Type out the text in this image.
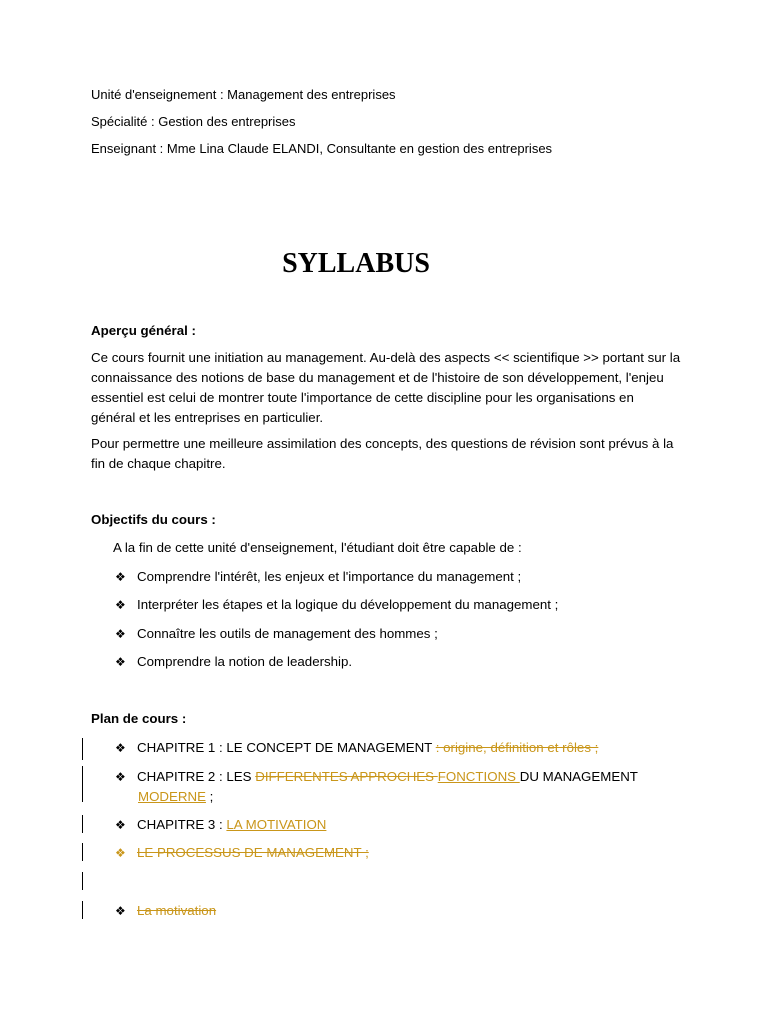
Unité d'enseignement : Management des entreprises
Spécialité : Gestion des entreprises
Enseignant : Mme Lina Claude ELANDI, Consultante en gestion des entreprises
SYLLABUS
Aperçu général :
Ce cours fournit une initiation au management. Au-delà des aspects << scientifique >> portant sur la connaissance des notions de base du management et de l'histoire de son développement, l'enjeu essentiel est celui de montrer toute l'importance de cette discipline pour les organisations en général et les entreprises en particulier.
Pour permettre une meilleure assimilation des concepts, des questions de révision sont prévus à la fin de chaque chapitre.
Objectifs du cours :
A la fin de cette unité d'enseignement, l'étudiant doit être capable de :
❖ Comprendre l'intérêt, les enjeux et l'importance du management ;
❖ Interpréter les étapes et la logique du développement du management ;
❖ Connaître les outils de management des hommes ;
❖ Comprendre la notion de leadership.
Plan de cours :
❖ CHAPITRE 1 : LE CONCEPT DE MANAGEMENT : origine, définition et rôles ;
❖ CHAPITRE 2 : LES DIFFERENTES APPROCHES FONCTIONS DU MANAGEMENT
MODERNE ;
❖ CHAPITRE 3 : LA MOTIVATION
❖ LE PROCESSUS DE MANAGEMENT ;
❖ La motivation
